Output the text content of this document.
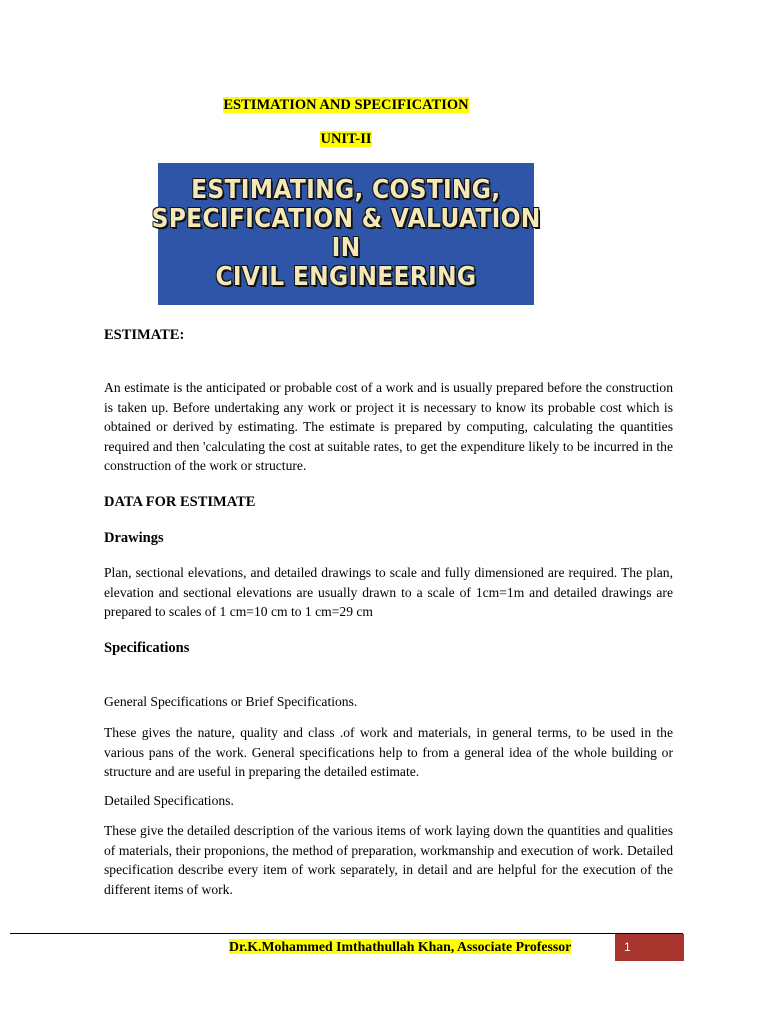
ESTIMATION AND SPECIFICATION
UNIT-II
ESTIMATING, COSTING,
SPECIFICATION & VALUATION
IN
CIVIL ENGINEERING
ESTIMATE:
An estimate is the anticipated or probable cost of a work and is usually prepared before the construction is taken up. Before undertaking any work or project it is necessary to know its probable cost which is obtained or derived by estimating. The estimate is prepared by computing, calculating the quantities required and then 'calculating the cost at suitable rates, to get the expenditure likely to be incurred in the construction of the work or structure.
DATA FOR ESTIMATE
Drawings
Plan, sectional elevations, and detailed drawings to scale and fully dimensioned are required. The plan, elevation and sectional elevations are usually drawn to a scale of 1cm=1m and detailed drawings are prepared to scales of 1 cm=10 cm to 1 cm=29 cm
Specifications
General Specifications or Brief Specifications.
These gives the nature, quality and class .of work and materials, in general terms, to be used in the various pans of the work. General specifications help to from a general idea of the whole building or structure and are useful in preparing the detailed estimate.
Detailed Specifications.
These give the detailed description of the various items of work laying down the quantities and qualities of materials, their proponions, the method of preparation, workmanship and execution of work. Detailed specification describe every item of work separately, in detail and are helpful for the execution of the different items of work.
Dr.K.Mohammed Imthathullah Khan, Associate Professor	1
